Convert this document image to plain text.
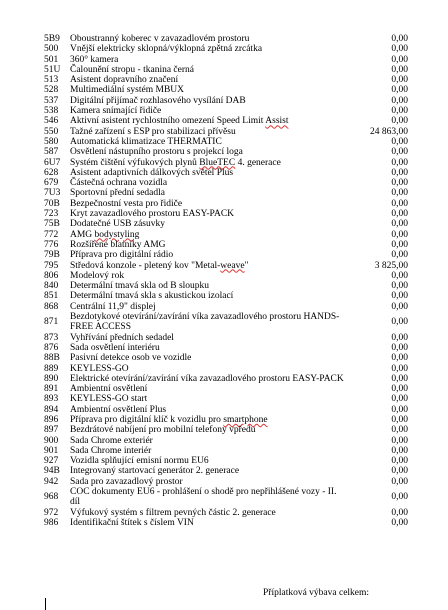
5B9	Oboustranný koberec v zavazadlovém prostoru	0,00
500	Vnější elektricky sklopná/výklopná zpětná zrcátka	0,00
501	360° kamera	0,00
51U	Čalounění stropu - tkanina černá	0,00
513	Asistent dopravního značení	0,00
528	Multimediální systém MBUX	0,00
537	Digitální přijímač rozhlasového vysílání DAB	0,00
538	Kamera snímající řidiče	0,00
546	Aktivní asistent rychlostního omezení Speed Limit Assist	0,00
550	Tažné zařízení s ESP pro stabilizaci přívěsu	24 863,00
580	Automatická klimatizace THERMATIC	0,00
587	Osvětlení nástupního prostoru s projekcí loga	0,00
6U7	Systém čištění výfukových plynů BlueTEC 4. generace	0,00
628	Asistent adaptivních dálkových světel Plus	0,00
679	Částečná ochrana vozidla	0,00
7U3	Sportovní přední sedadla	0,00
70B	Bezpečnostní vesta pro řidiče	0,00
723	Kryt zavazadlového prostoru EASY-PACK	0,00
75B	Dodatečné USB zásuvky	0,00
772	AMG bodystyling	0,00
776	Rozšířené blatníky AMG	0,00
79B	Příprava pro digitální rádio	0,00
795	Středová konzole - pletený kov "Metal-weave"	3 825,00
806	Modelový rok	0,00
840	Determální tmavá skla od B sloupku	0,00
851	Determální tmavá skla s akustickou izolací	0,00
868	Centrální 11,9" displej	0,00
871	Bezdotykové otevírání/zavírání víka zavazadlového prostoru HANDS-
FREE ACCESS	0,00
873	Vyhřívání předních sedadel	0,00
876	Sada osvětlení interiéru	0,00
88B	Pasivní detekce osob ve vozidle	0,00
889	KEYLESS-GO	0,00
890	Elektrické otevírání/zavírání víka zavazadlového prostoru EASY-PACK	0,00
891	Ambientní osvětlení	0,00
893	KEYLESS-GO start	0,00
894	Ambientní osvětlení Plus	0,00
896	Příprava pro digitální klíč k vozidlu pro smartphone	0,00
897	Bezdrátové nabíjení pro mobilní telefony vpředu	0,00
900	Sada Chrome exteriér	0,00
901	Sada Chrome interiér	0,00
927	Vozidla splňující emisní normu EU6	0,00
94B	Integrovaný startovací generátor 2. generace	0,00
942	Sada pro zavazadlový prostor	0,00
968	COC dokumenty EU6 - prohlášení o shodě pro nepřihlášené vozy - II.
díl	0,00
972	Výfukový systém s filtrem pevných částic 2. generace	0,00
986	Identifikační štítek s číslem VIN	0,00
Příplatková výbava celkem:
